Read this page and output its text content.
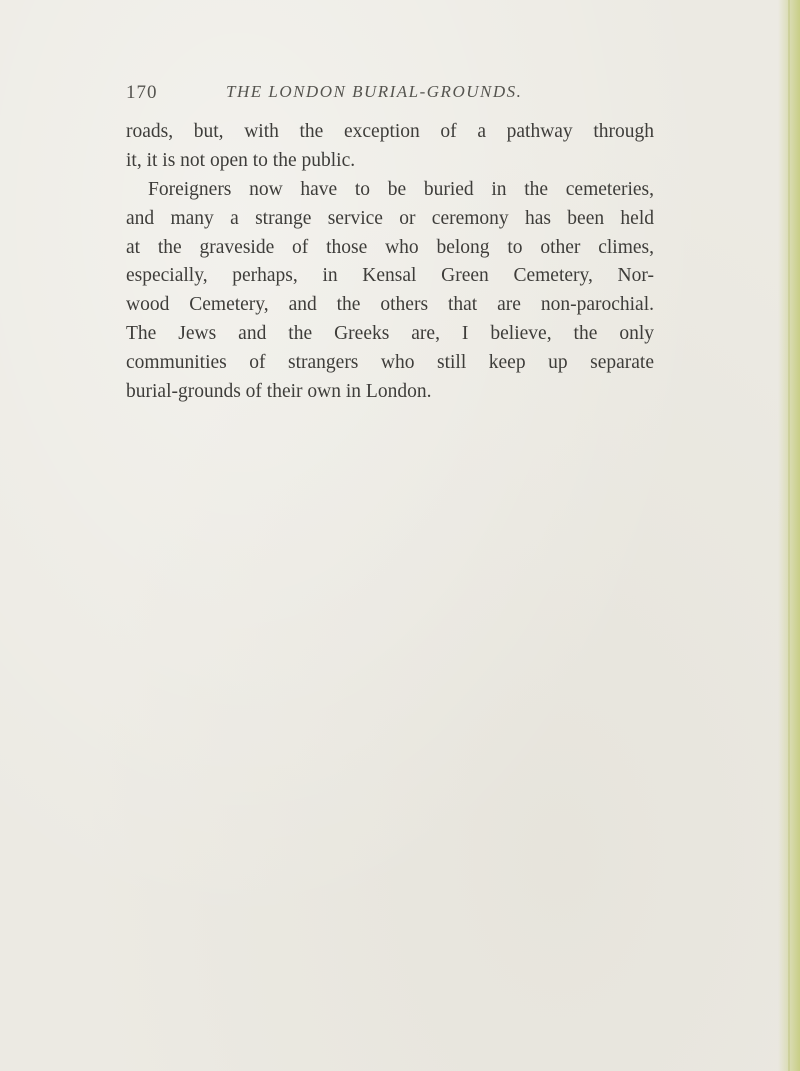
170	THE LONDON BURIAL-GROUNDS.
roads, but, with the exception of a pathway through
it, it is not open to the public.
Foreigners now have to be buried in the cemeteries,
and many a strange service or ceremony has been held
at the graveside of those who belong to other climes,
especially, perhaps, in Kensal Green Cemetery, Nor-
wood Cemetery, and the others that are non-parochial.
The Jews and the Greeks are, I believe, the only
communities of strangers who still keep up separate
burial-grounds of their own in London.
